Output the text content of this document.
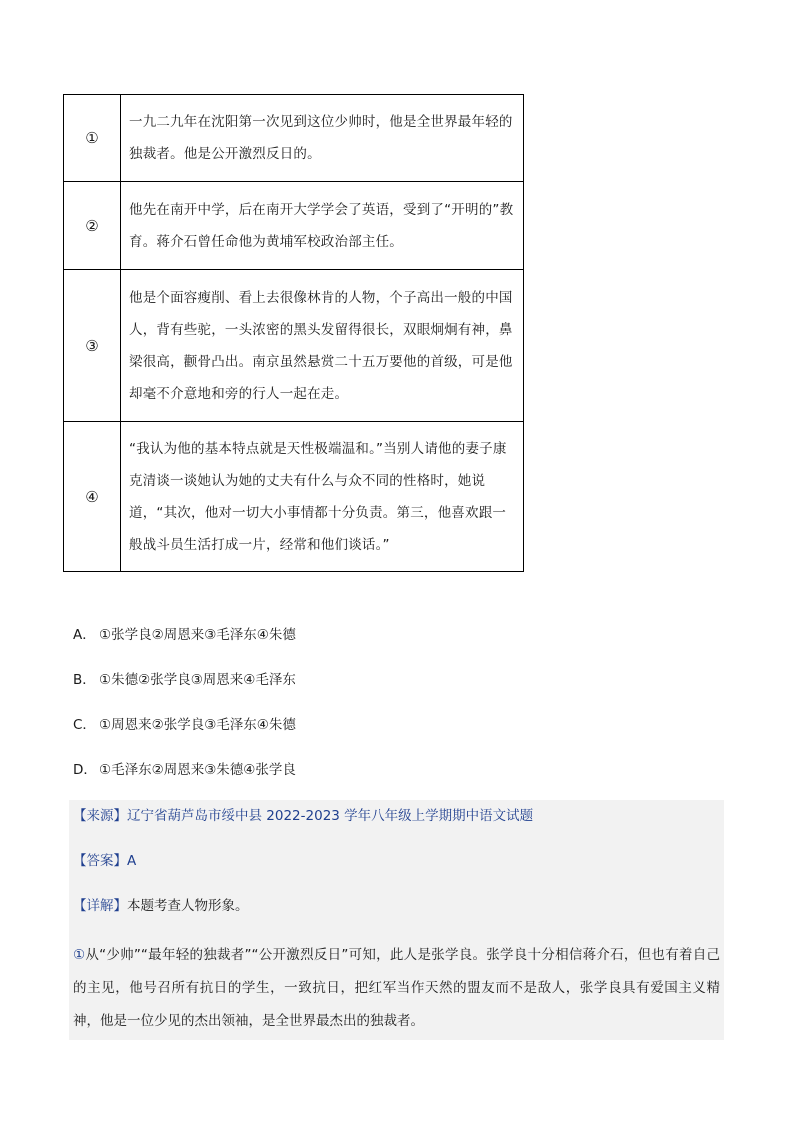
①	一九二九年在沈阳第一次见到这位少帅时，他是全世界最年轻的独裁者。他是公开激烈反日的。
②	他先在南开中学，后在南开大学学会了英语，受到了“开明的”教育。蒋介石曾任命他为黄埔军校政治部主任。
③	他是个面容瘦削、看上去很像林肯的人物，个子高出一般的中国人，背有些驼，一头浓密的黑头发留得很长，双眼炯炯有神，鼻梁很高，颧骨凸出。南京虽然悬赏二十五万要他的首级，可是他却毫不介意地和旁的行人一起在走。
④	“我认为他的基本特点就是天性极端温和。”当别人请他的妻子康克清谈一谈她认为她的丈夫有什么与众不同的性格时，她说道，“其次，他对一切大小事情都十分负责。第三，他喜欢跟一般战斗员生活打成一片，经常和他们谈话。”
A． ①张学良②周恩来③毛泽东④朱德
B． ①朱德②张学良③周恩来④毛泽东
C． ①周恩来②张学良③毛泽东④朱德
D． ①毛泽东②周恩来③朱德④张学良
【来源】辽宁省葫芦岛市绥中县 2022-2023 学年八年级上学期期中语文试题
【答案】A
【详解】本题考查人物形象。
①从“少帅”“最年轻的独裁者”“公开激烈反日”可知，此人是张学良。张学良十分相信蒋介石，但也有着自己的主见，他号召所有抗日的学生，一致抗日，把红军当作天然的盟友而不是敌人，张学良具有爱国主义精神，他是一位少见的杰出领袖，是全世界最杰出的独裁者。
